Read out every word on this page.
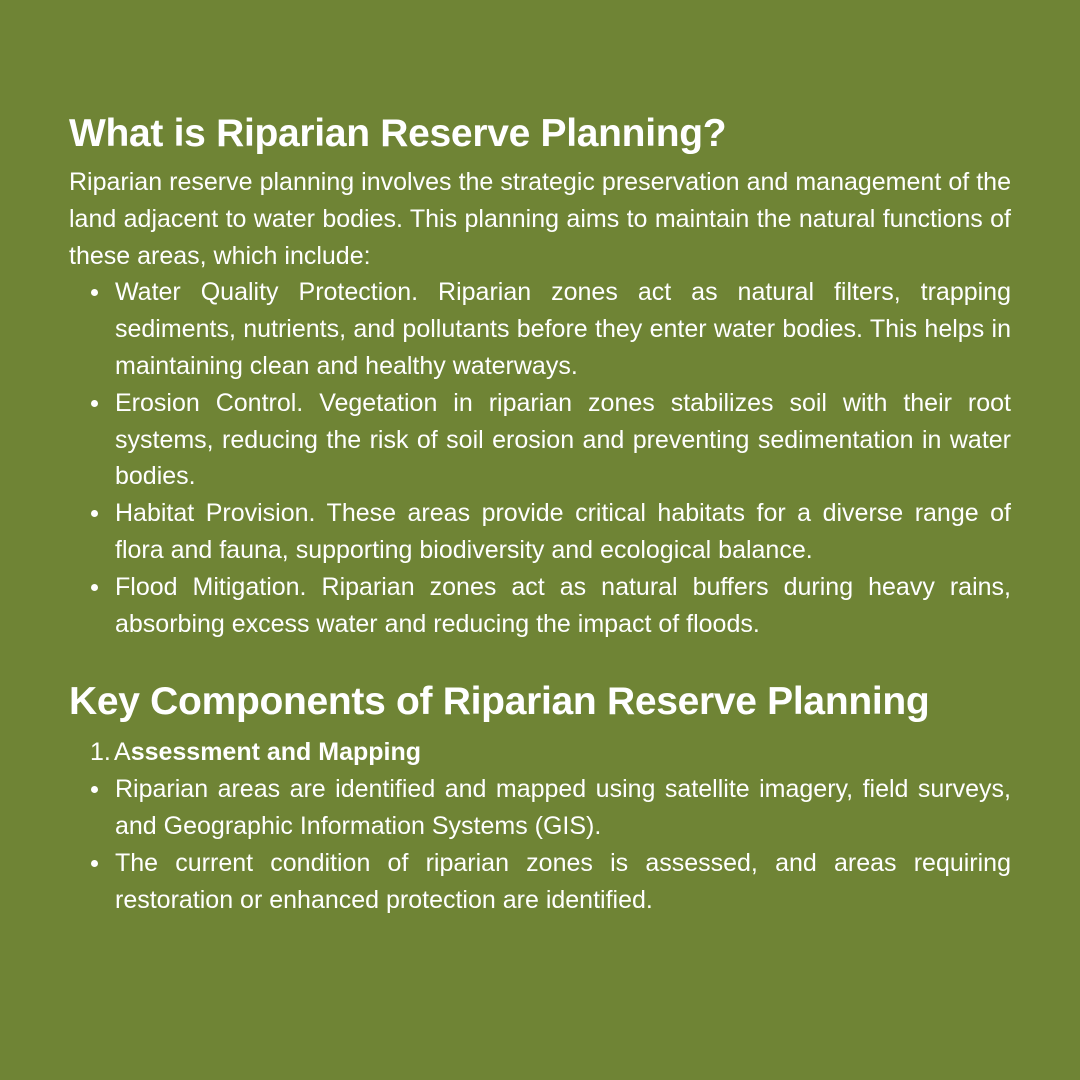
What is Riparian Reserve Planning?

Riparian reserve planning involves the strategic preservation and management of the land adjacent to water bodies. This planning aims to maintain the natural functions of these areas, which include:

Water Quality Protection. Riparian zones act as natural filters, trapping sediments, nutrients, and pollutants before they enter water bodies. This helps in maintaining clean and healthy waterways.
Erosion Control. Vegetation in riparian zones stabilizes soil with their root systems, reducing the risk of soil erosion and preventing sedimentation in water bodies.
Habitat Provision. These areas provide critical habitats for a diverse range of flora and fauna, supporting biodiversity and ecological balance.
Flood Mitigation. Riparian zones act as natural buffers during heavy rains, absorbing excess water and reducing the impact of floods.
Key Components of Riparian Reserve Planning
1. Assessment and Mapping
Riparian areas are identified and mapped using satellite imagery, field surveys, and Geographic Information Systems (GIS).
The current condition of riparian zones is assessed, and areas requiring restoration or enhanced protection are identified.
